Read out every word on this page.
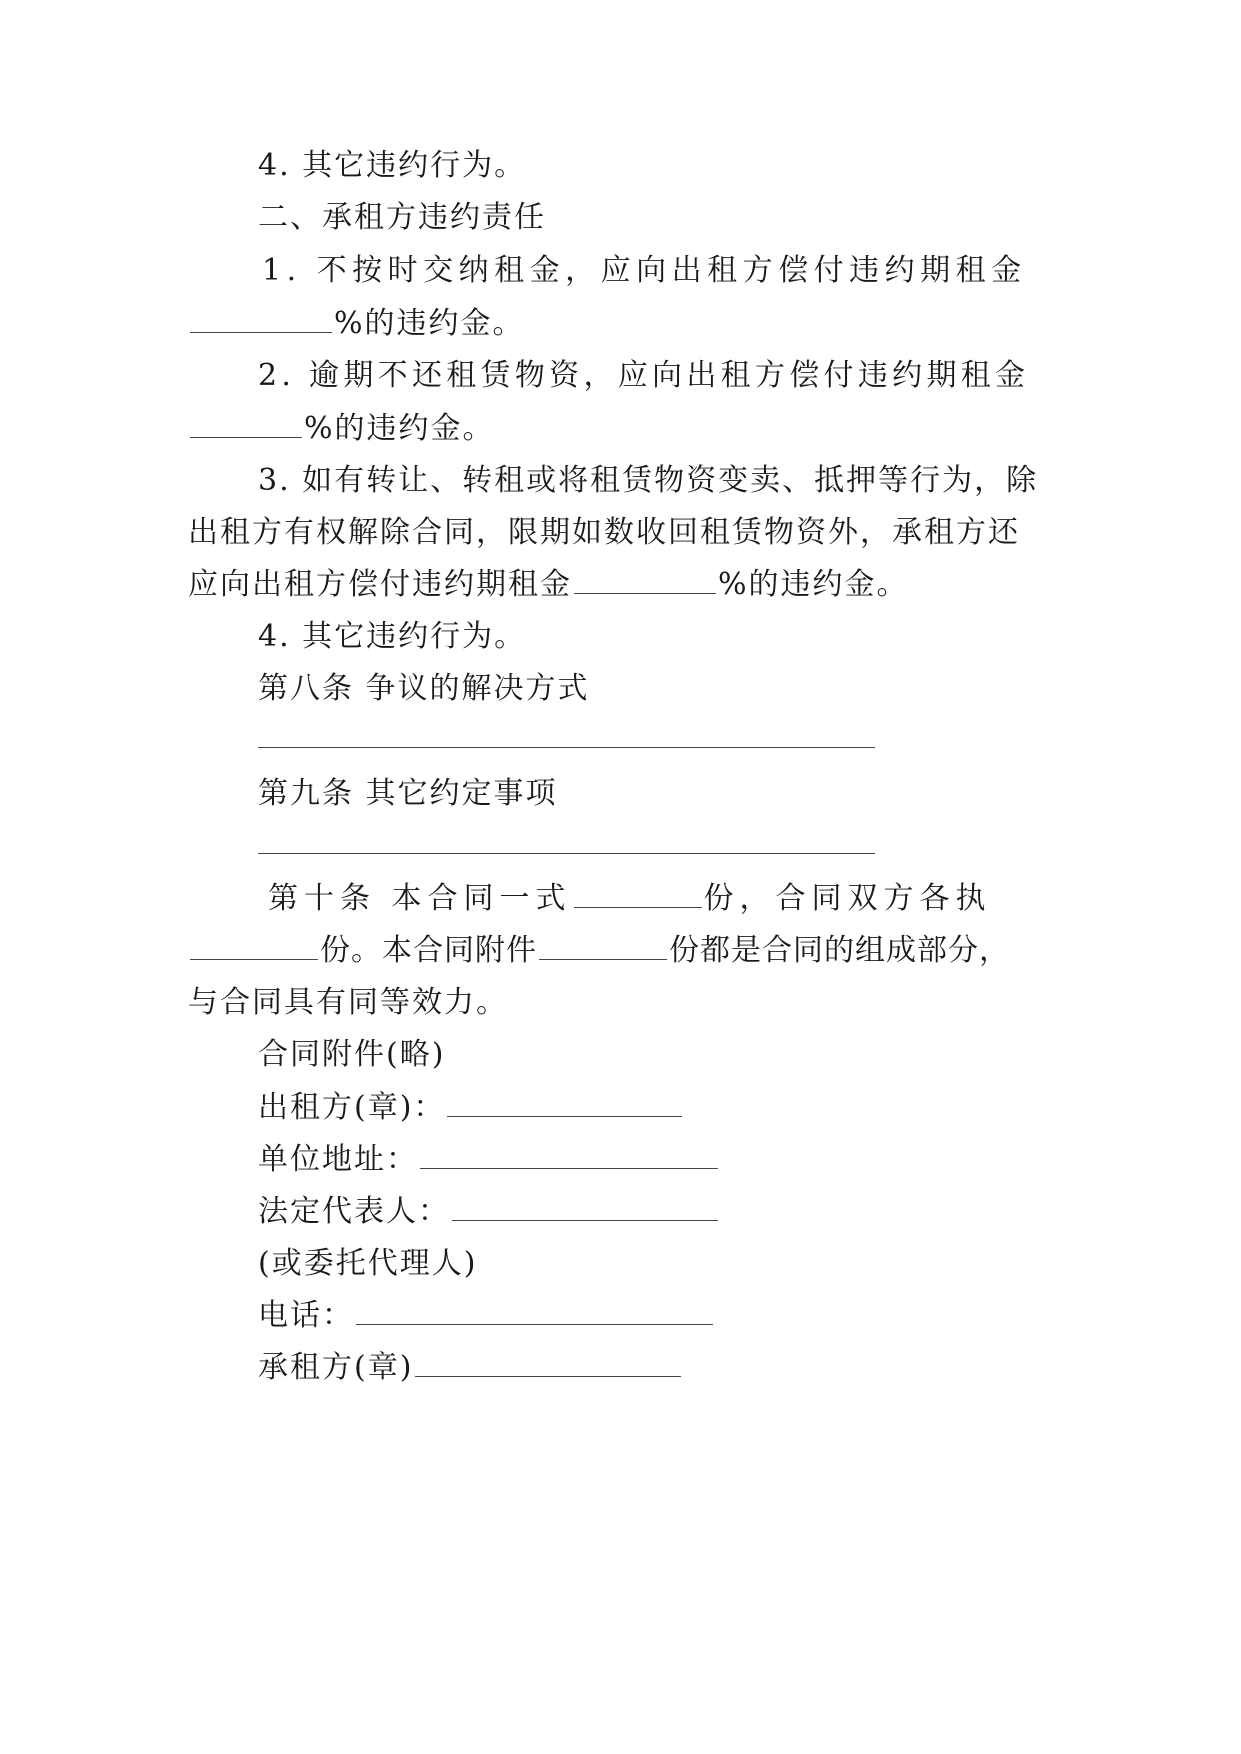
4. 其它违约行为。
二、承租方违约责任
1. 不按时交纳租金，应向出租方偿付违约期租金
%的违约金。
2. 逾期不还租赁物资，应向出租方偿付违约期租金
%的违约金。
3. 如有转让、转租或将租赁物资变卖、抵押等行为，除
出租方有权解除合同，限期如数收回租赁物资外，承租方还
应向出租方偿付违约期租金	%的违约金。
4. 其它违约行为。
第八条 争议的解决方式
第九条 其它约定事项
第十条 本合同一式	份，合同双方各执
份。本合同附件	份都是合同的组成部分，
与合同具有同等效力。
合同附件(略)
出租方(章)：
单位地址：
法定代表人：
(或委托代理人)
电话：
承租方(章)
